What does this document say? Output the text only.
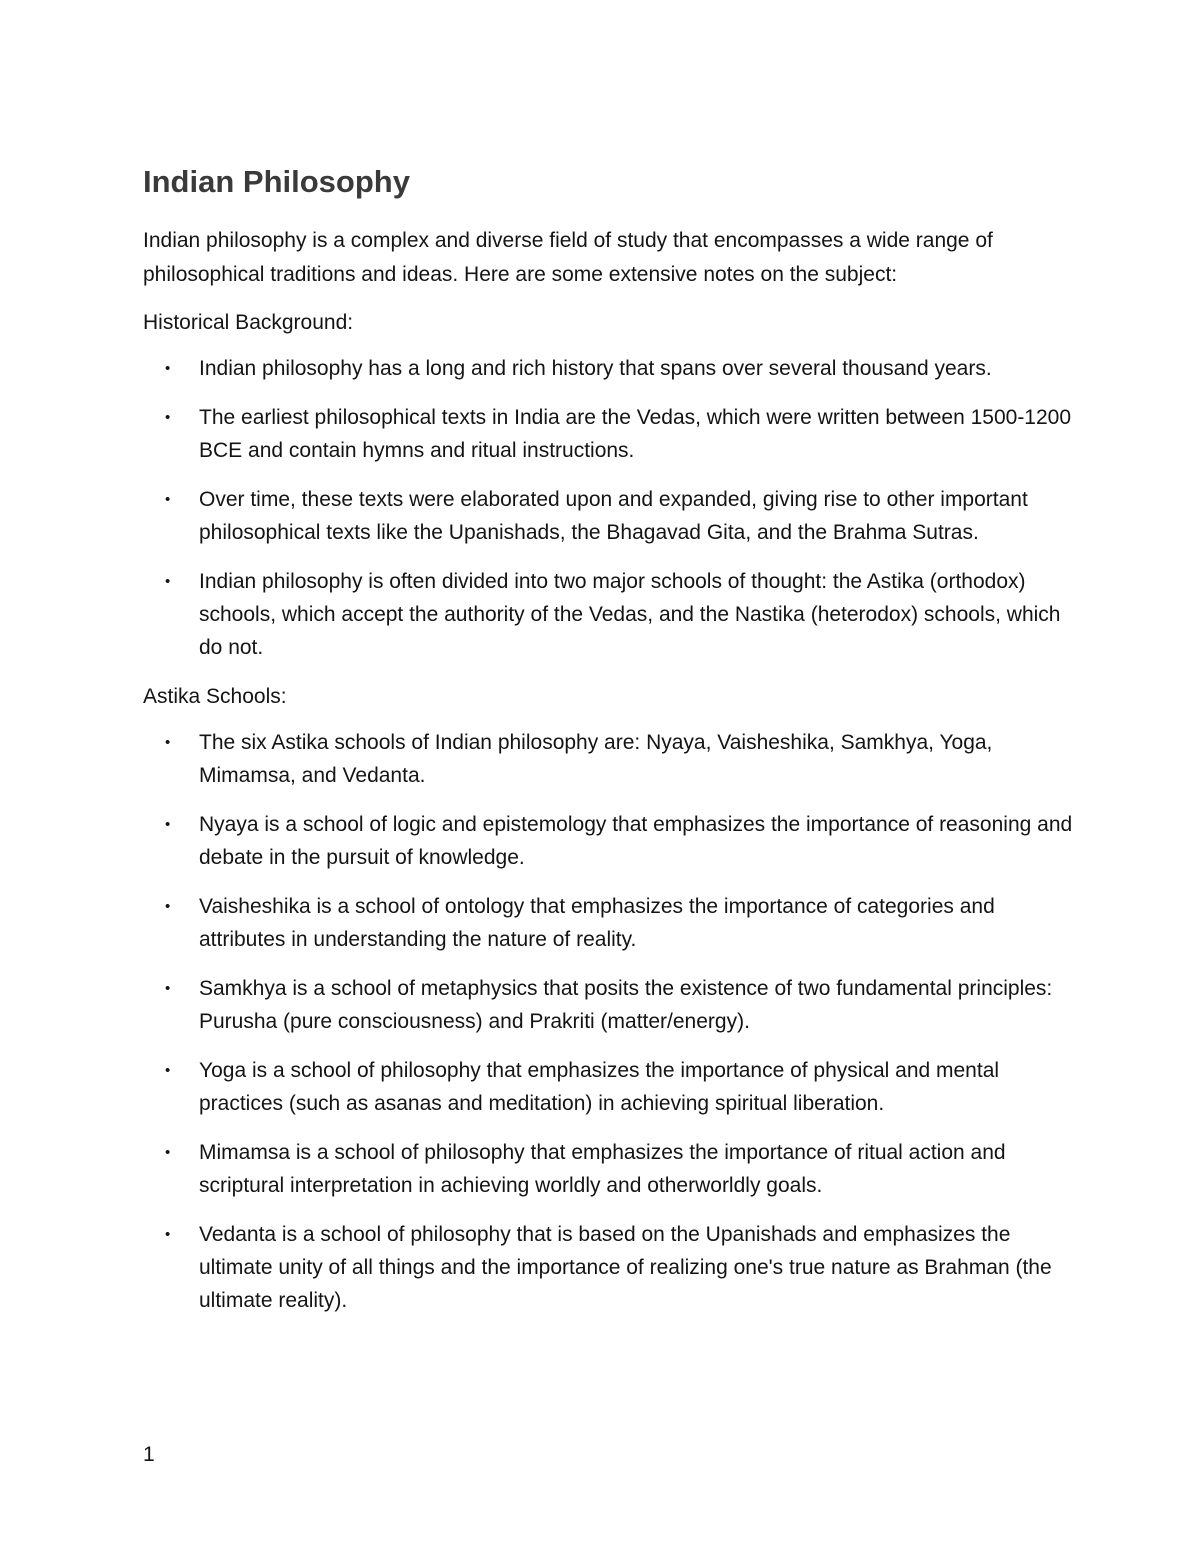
Indian Philosophy

Indian philosophy is a complex and diverse field of study that encompasses a wide range of philosophical traditions and ideas. Here are some extensive notes on the subject:

Historical Background:

• Indian philosophy has a long and rich history that spans over several thousand years.
• The earliest philosophical texts in India are the Vedas, which were written between 1500-1200 BCE and contain hymns and ritual instructions.
• Over time, these texts were elaborated upon and expanded, giving rise to other important philosophical texts like the Upanishads, the Bhagavad Gita, and the Brahma Sutras.
• Indian philosophy is often divided into two major schools of thought: the Astika (orthodox) schools, which accept the authority of the Vedas, and the Nastika (heterodox) schools, which do not.

Astika Schools:

• The six Astika schools of Indian philosophy are: Nyaya, Vaisheshika, Samkhya, Yoga, Mimamsa, and Vedanta.
• Nyaya is a school of logic and epistemology that emphasizes the importance of reasoning and debate in the pursuit of knowledge.
• Vaisheshika is a school of ontology that emphasizes the importance of categories and attributes in understanding the nature of reality.
• Samkhya is a school of metaphysics that posits the existence of two fundamental principles: Purusha (pure consciousness) and Prakriti (matter/energy).
• Yoga is a school of philosophy that emphasizes the importance of physical and mental practices (such as asanas and meditation) in achieving spiritual liberation.
• Mimamsa is a school of philosophy that emphasizes the importance of ritual action and scriptural interpretation in achieving worldly and otherworldly goals.
• Vedanta is a school of philosophy that is based on the Upanishads and emphasizes the ultimate unity of all things and the importance of realizing one's true nature as Brahman (the ultimate reality).
1
